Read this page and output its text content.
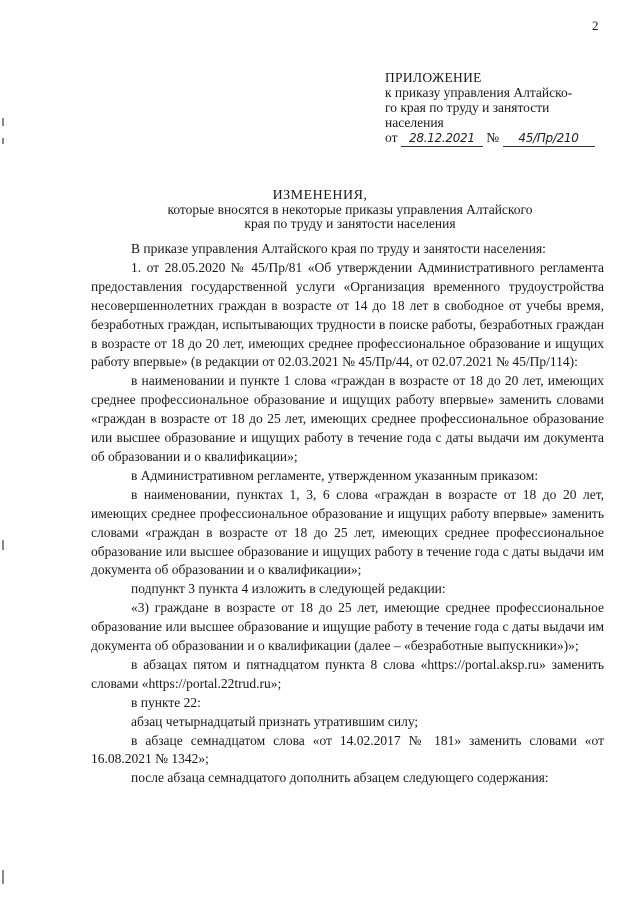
2
ПРИЛОЖЕНИЕ
к приказу управления Алтайско-
го края по труду и занятости
населения
от 28.12.2021 № 45/Пр/210
ИЗМЕНЕНИЯ,
которые вносятся в некоторые приказы управления Алтайского
края по труду и занятости населения

В приказе управления Алтайского края по труду и занятости населения:

1. от 28.05.2020 № 45/Пр/81 «Об утверждении Административного регламента предоставления государственной услуги «Организация временного трудоустройства несовершеннолетних граждан в возрасте от 14 до 18 лет в свободное от учебы время, безработных граждан, испытывающих трудности в поиске работы, безработных граждан в возрасте от 18 до 20 лет, имеющих среднее профессиональное образование и ищущих работу впервые» (в редакции от 02.03.2021 № 45/Пр/44, от 02.07.2021 № 45/Пр/114):

в наименовании и пункте 1 слова «граждан в возрасте от 18 до 20 лет, имеющих среднее профессиональное образование и ищущих работу впервые» заменить словами «граждан в возрасте от 18 до 25 лет, имеющих среднее профессиональное образование или высшее образование и ищущих работу в течение года с даты выдачи им документа об образовании и о квалификации»;

в Административном регламенте, утвержденном указанным приказом:

в наименовании, пунктах 1, 3, 6 слова «граждан в возрасте от 18 до 20 лет, имеющих среднее профессиональное образование и ищущих работу впервые» заменить словами «граждан в возрасте от 18 до 25 лет, имеющих среднее профессиональное образование или высшее образование и ищущих работу в течение года с даты выдачи им документа об образовании и о квалификации»;

подпункт 3 пункта 4 изложить в следующей редакции:

«3) граждане в возрасте от 18 до 25 лет, имеющие среднее профессиональное образование или высшее образование и ищущие работу в течение года с даты выдачи им документа об образовании и о квалификации (далее – «безработные выпускники»)»;

в абзацах пятом и пятнадцатом пункта 8 слова «https://portal.aksp.ru» заменить словами «https://portal.22trud.ru»;

в пункте 22:

абзац четырнадцатый признать утратившим силу;

в абзаце семнадцатом слова «от 14.02.2017 № 181» заменить словами «от 16.08.2021 № 1342»;

после абзаца семнадцатого дополнить абзацем следующего содержания:
